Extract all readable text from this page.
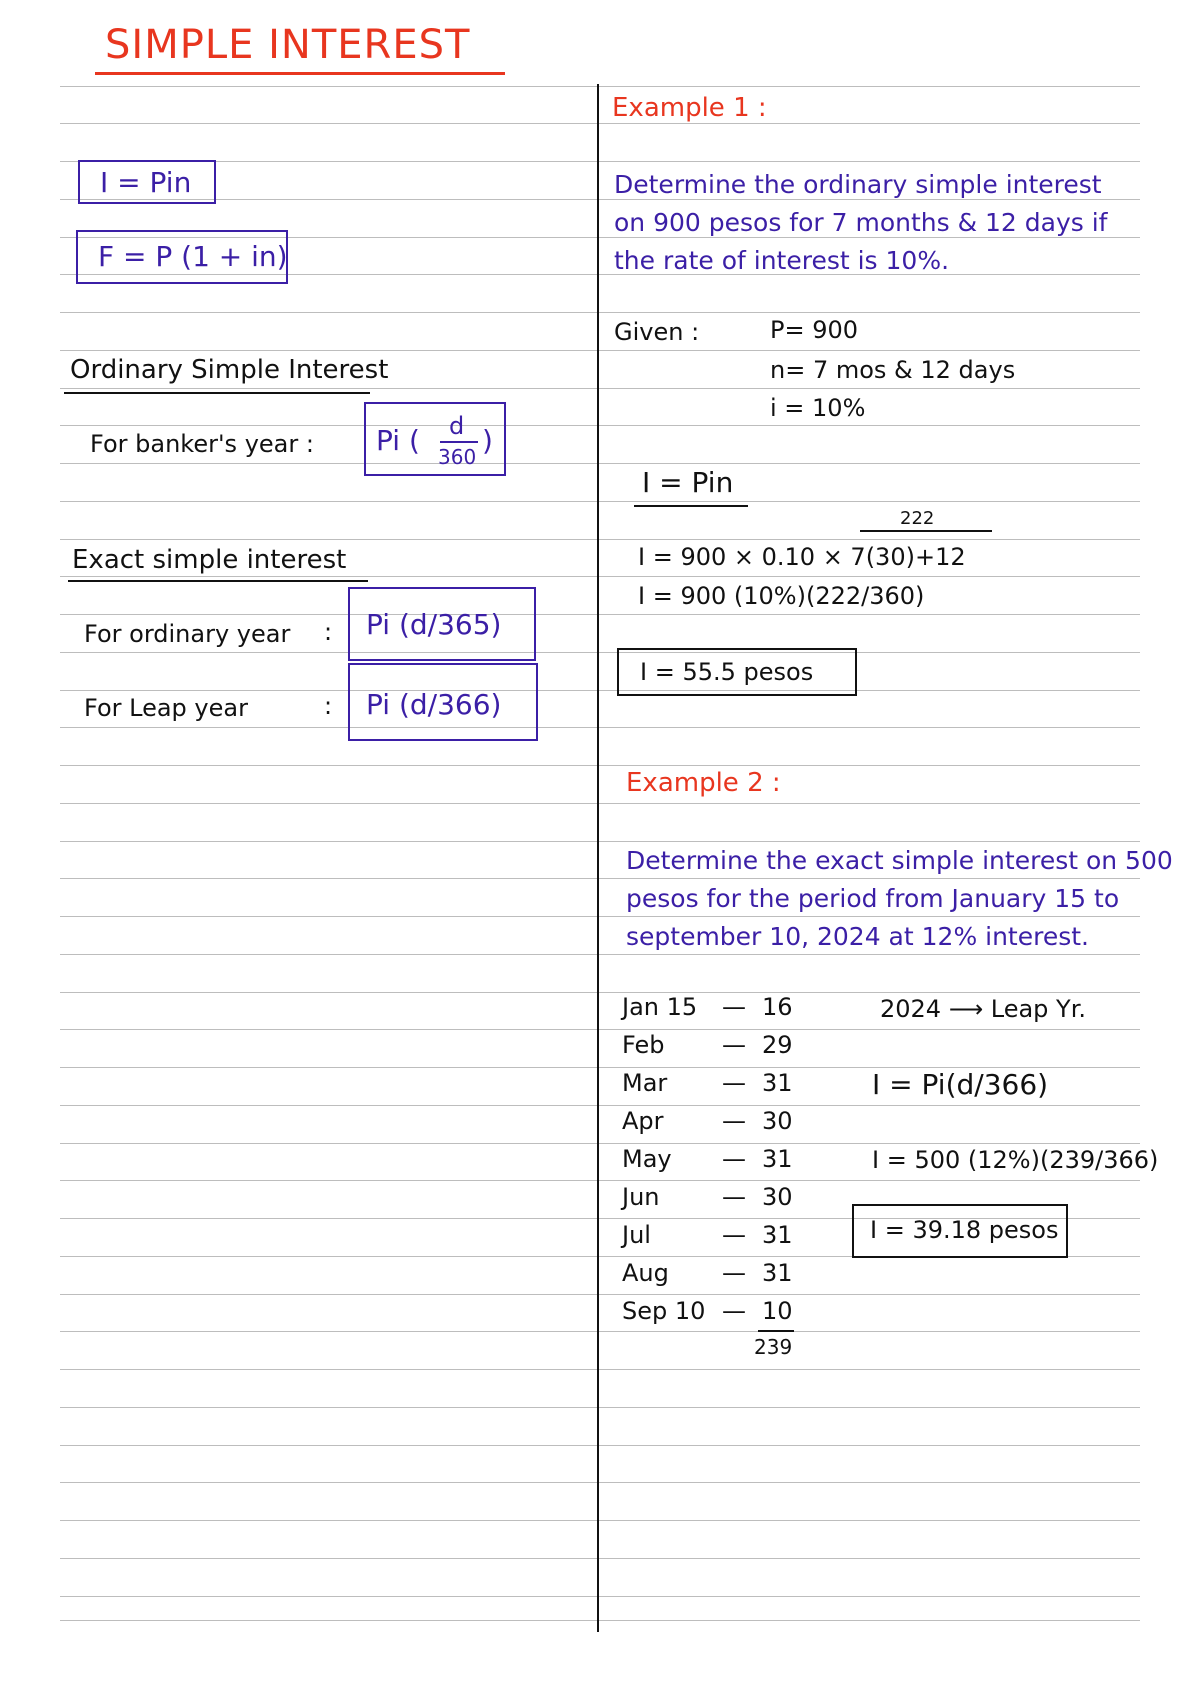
SIMPLE INTEREST
I = Pin
F = P (1 + in)
Ordinary Simple Interest
For banker's year : Pi ( d
360 )
Exact simple interest
For ordinary year : Pi (d/365)
For Leap year	: Pi (d/366)
Example 1 :
Determine the ordinary simple interest
on 900 pesos for 7 months & 12 days if
the rate of interest is 10%.
Given :	P= 900
n= 7 mos & 12 days
i = 10%
I = Pin
222
I = 900 × 0.10 × 7(30)+12
I = 900 (10%)(222/360)
I = 55.5 pesos
Example 2 :
Determine the exact simple interest on 500
pesos for the period from January 15 to
september 10, 2024 at 12% interest.
Jan 15 — 16
Feb — 29
Mar — 31
Apr — 30
May — 31
Jun	— 30
Jul	— 31
Aug — 31
Sep 10 — 10
239
2024 ⟶ Leap Yr.
I = Pi(d/366)
I = 500 (12%)(239/366)
I = 39.18 pesos
